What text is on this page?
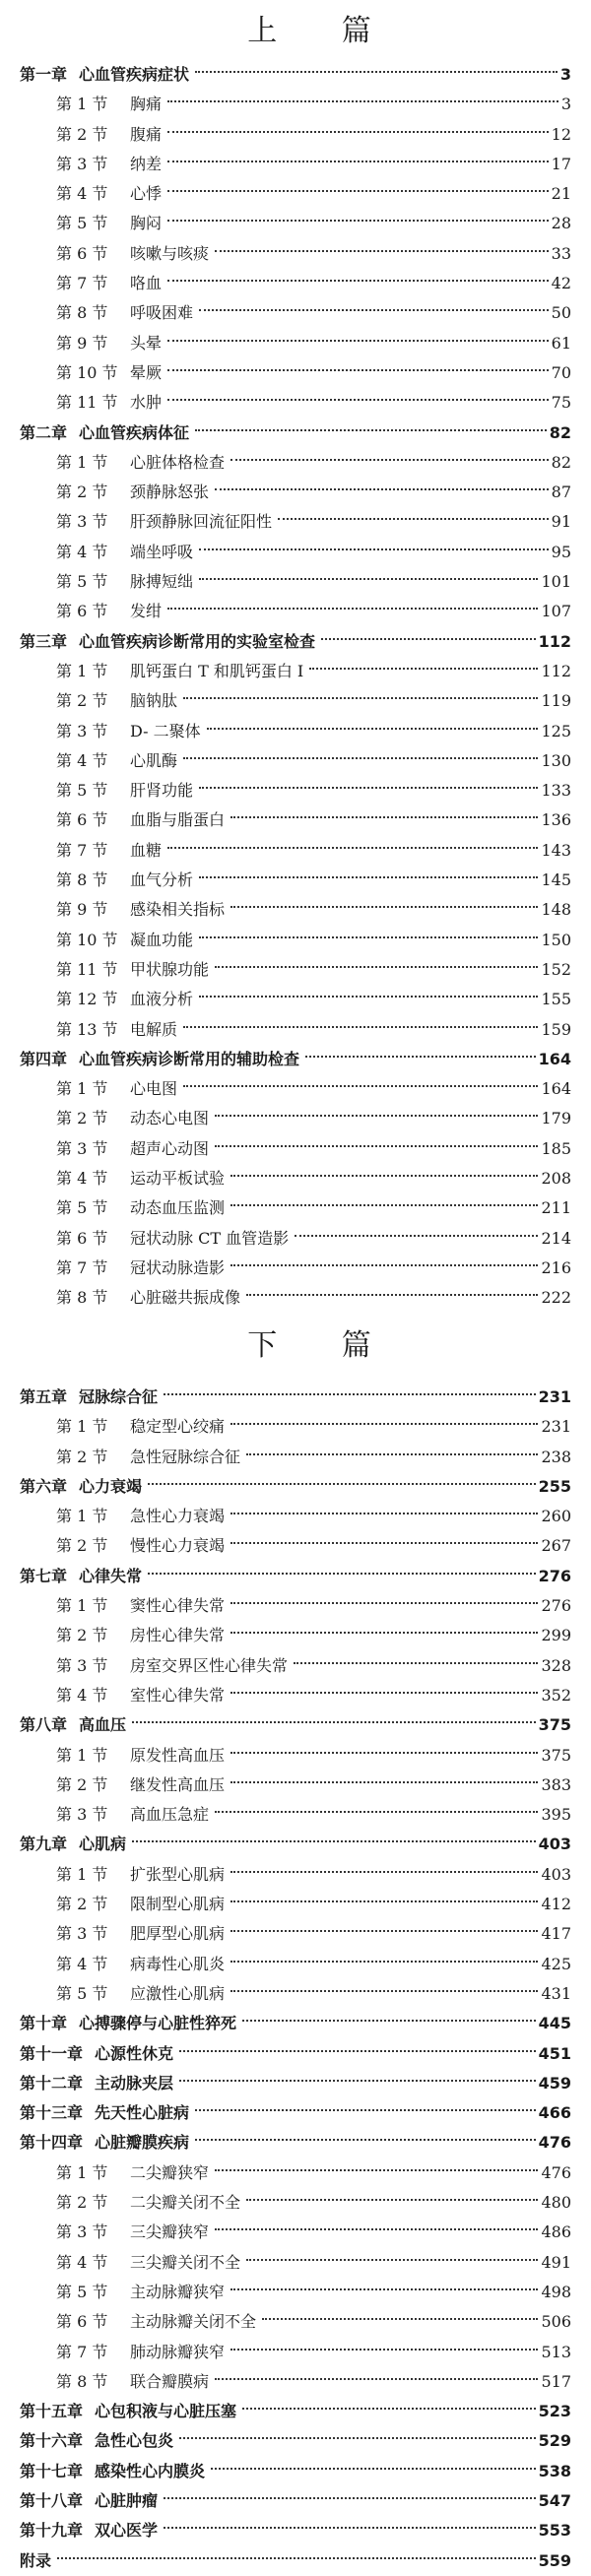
上 篇
第一章 心血管疾病症状	3
第 1 节	胸痛	3
第 2 节	腹痛	12
第 3 节	纳差	17
第 4 节	心悸	21
第 5 节	胸闷	28
第 6 节	咳嗽与咳痰	33
第 7 节	咯血	42
第 8 节	呼吸困难	50
第 9 节	头晕	61
第 10 节 晕厥	70
第 11 节 水肿	75
第二章 心血管疾病体征	82
第 1 节	心脏体格检查	82
第 2 节	颈静脉怒张	87
第 3 节	肝颈静脉回流征阳性	91
第 4 节	端坐呼吸	95
第 5 节	脉搏短绌	101
第 6 节	发绀	107
第三章 心血管疾病诊断常用的实验室检查	112
第 1 节	肌钙蛋白 T 和肌钙蛋白 I	112
第 2 节	脑钠肽	119
第 3 节	D- 二聚体	125
第 4 节	心肌酶	130
第 5 节	肝肾功能	133
第 6 节	血脂与脂蛋白	136
第 7 节	血糖	143
第 8 节	血气分析	145
第 9 节	感染相关指标	148
第 10 节 凝血功能	150
第 11 节 甲状腺功能	152
第 12 节 血液分析	155
第 13 节 电解质	159
第四章 心血管疾病诊断常用的辅助检查	164
第 1 节	心电图	164
第 2 节	动态心电图	179
第 3 节	超声心动图	185
第 4 节	运动平板试验	208
第 5 节	动态血压监测	211
第 6 节	冠状动脉 CT 血管造影	214
第 7 节	冠状动脉造影	216
第 8 节	心脏磁共振成像	222
下 篇
第五章 冠脉综合征	231
第 1 节	稳定型心绞痛	231
第 2 节	急性冠脉综合征	238
第六章 心力衰竭	255
第 1 节	急性心力衰竭	260
第 2 节	慢性心力衰竭	267
第七章 心律失常	276
第 1 节	窦性心律失常	276
第 2 节	房性心律失常	299
第 3 节	房室交界区性心律失常	328
第 4 节	室性心律失常	352
第八章 高血压	375
第 1 节	原发性高血压	375
第 2 节	继发性高血压	383
第 3 节	高血压急症	395
第九章 心肌病	403
第 1 节	扩张型心肌病	403
第 2 节	限制型心肌病	412
第 3 节	肥厚型心肌病	417
第 4 节	病毒性心肌炎	425
第 5 节	应激性心肌病	431
第十章 心搏骤停与心脏性猝死	445
第十一章 心源性休克	451
第十二章 主动脉夹层	459
第十三章 先天性心脏病	466
第十四章 心脏瓣膜疾病	476
第 1 节	二尖瓣狭窄	476
第 2 节	二尖瓣关闭不全	480
第 3 节	三尖瓣狭窄	486
第 4 节	三尖瓣关闭不全	491
第 5 节	主动脉瓣狭窄	498
第 6 节	主动脉瓣关闭不全	506
第 7 节	肺动脉瓣狭窄	513
第 8 节	联合瓣膜病	517
第十五章 心包积液与心脏压塞	523
第十六章 急性心包炎	529
第十七章 感染性心内膜炎	538
第十八章 心脏肿瘤	547
第十九章 双心医学	553
附录	559
